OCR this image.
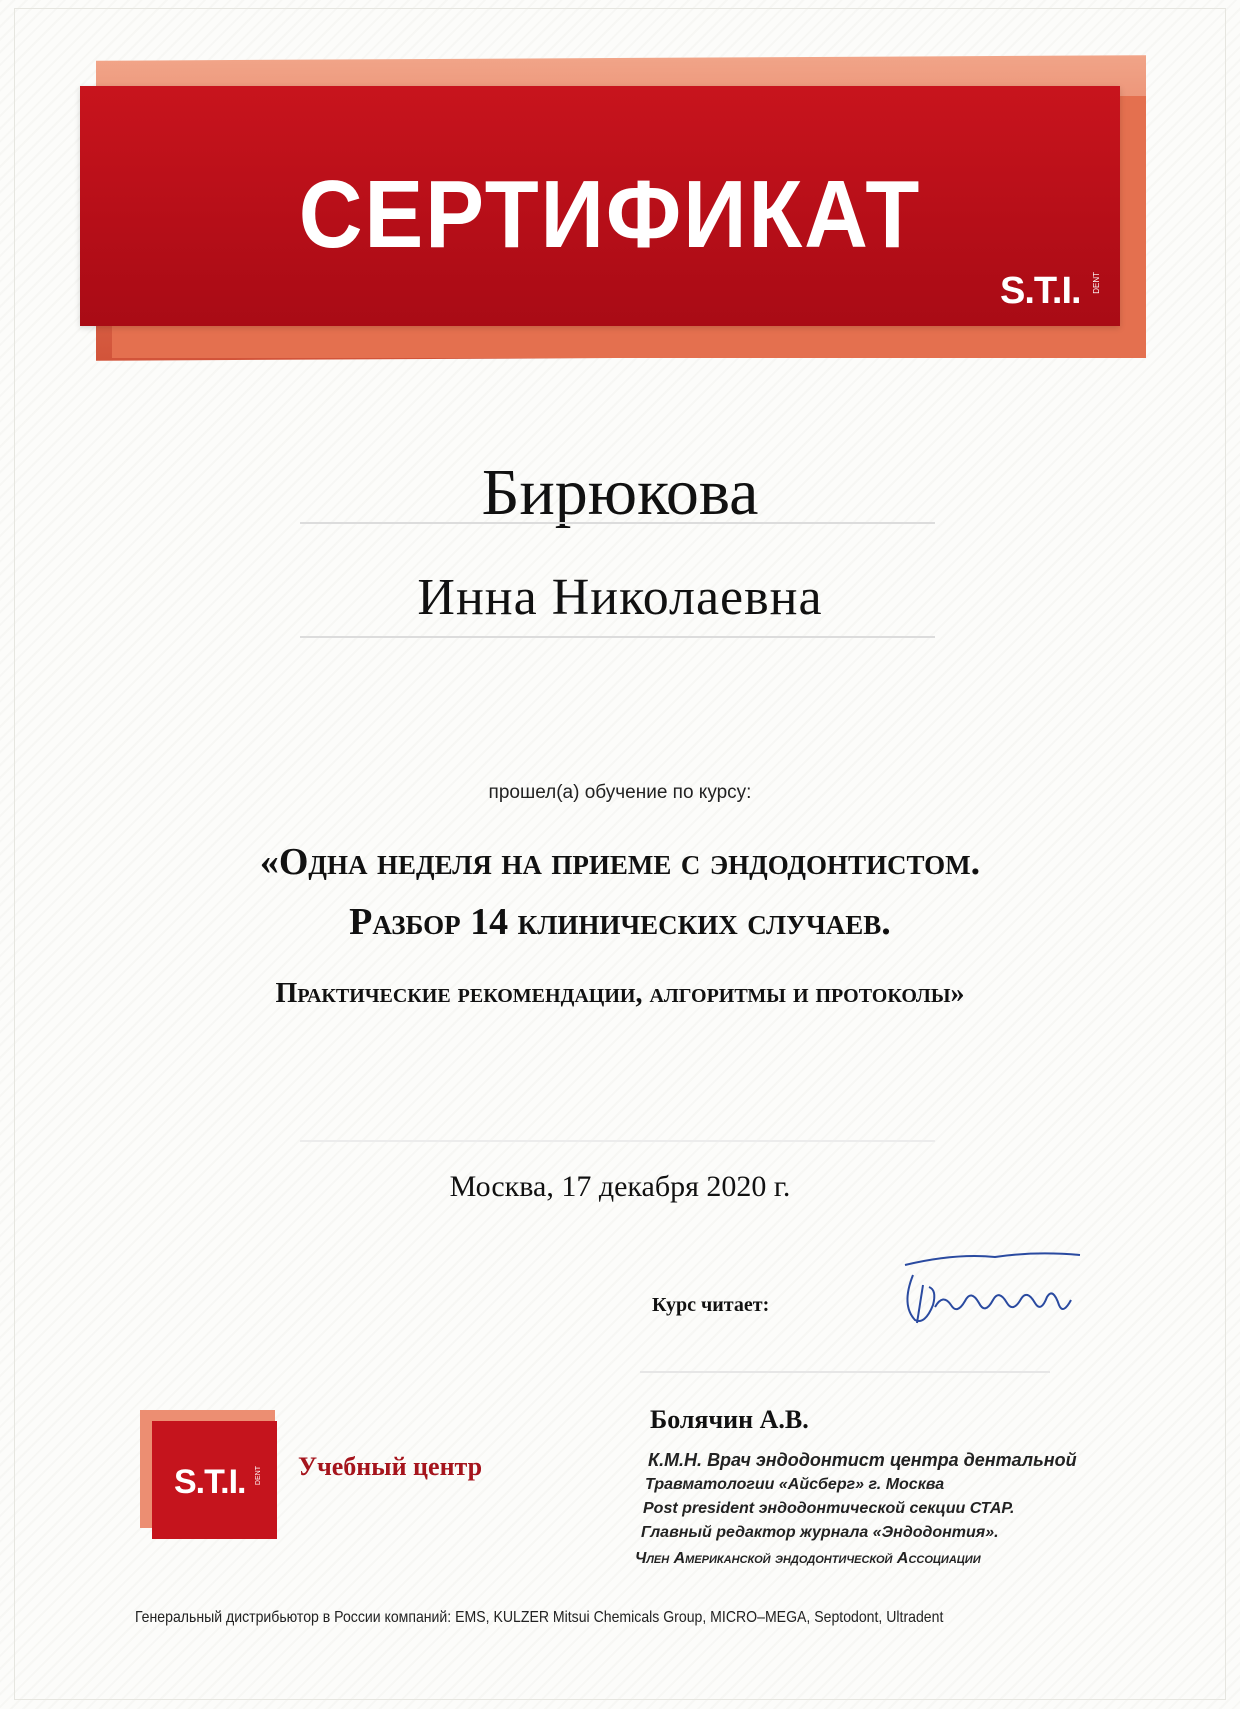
СЕРТИФИКАТ
S.T.I. DENT
Бирюкова
Инна Николаевна
прошел(а) обучение по курсу:
«Одна неделя на приеме с эндодонтистом.
Разбор 14 клинических случаев.
Практические рекомендации, алгоритмы и протоколы»
Москва, 17 декабря 2020 г.
Курс читает:
Болячин А.В.
К.М.Н. Врач эндодонтист центра дентальной
Травматологии «Айсберг» г. Москва
Post president эндодонтической секции СТАР.
Главный редактор журнала «Эндодонтия».
Член Американской эндодонтической Ассоциации
S.T.I. DENT Учебный центр
Генеральный дистрибьютор в России компаний: EMS, KULZER Mitsui Chemicals Group, MICRO–MEGA, Septodont, Ultradent
